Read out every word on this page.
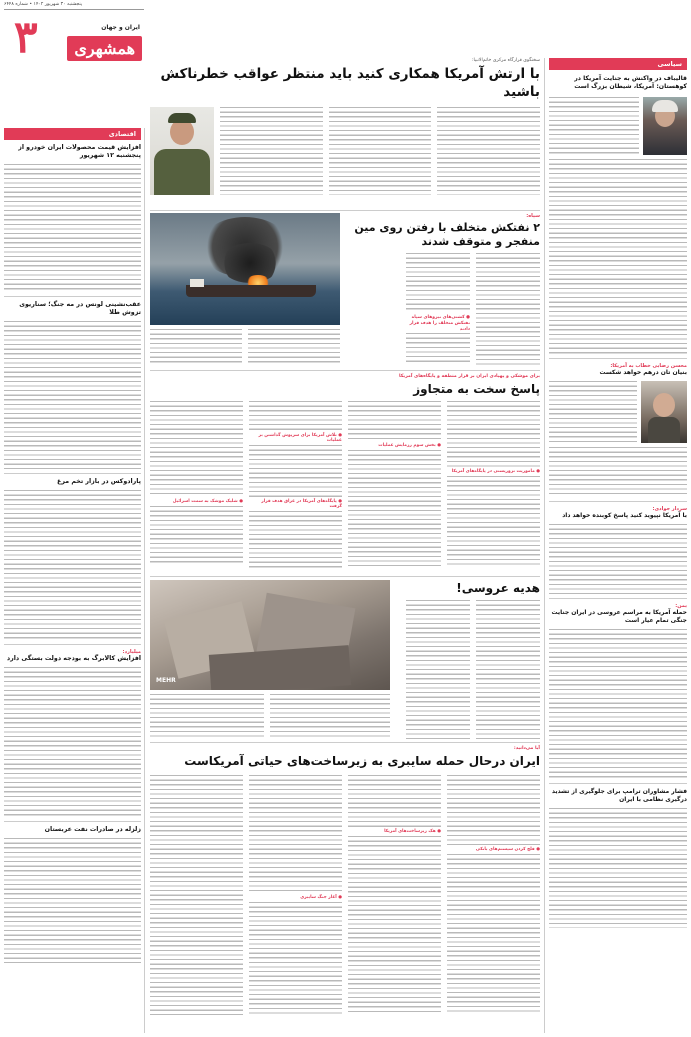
سیاسی
قالیباف در واکنش به جنایت آمریکا در کوهستان: آمریکا، شیطان بزرگ است
محسن رضایی خطاب به آمریکا:
بنیان تان درهم خواهد شکست
سردار جوادی:
با آمریکا نپیوید کنید پاسخ کوبنده خواهد داد
یمن:
حمله آمریکا به مراسم عروسی در ایران جنایت جنگی تمام عیار است
فشار مشاوران ترامپ برای جلوگیری از تشدید درگیری نظامی با ایران
پنجشنبه ۳۰ شهریور ۱۴۰۲ • شماره ۶۴۴۸
۳	ایران و جهان
همشهری
اقتصادی
افزایش قیمت محصولات ایران خودرو از پنجشنبه ۱۲ شهریور
عقب‌نشینی لونس در مه جنگ؛ سناریوی تزوش طلا
پارادوکس در بازار تخم مرغ
میلیارد:
افزایش کالابرگ به بودجه دولت بستگی دارد
زلزله در صادرات نفت عربستان
سخنگوی قرارگاه مرکزی خاتم‌الانبیا:
با ارتش آمریکا همکاری کنید باید منتظر عواقب خطرناکش باشید
سپاه:
۲ نفتکش متخلف با رفتن روی مین منفجر و متوقف شدند
● کشتی‌های نیروهای سپاه نفتکش متخلف را هدف قرار دادند
برای موشکی و پهپادی ایران بر قرار منطقه و پایگاه‌های آمریکا
پاسخ سخت به متجاوز
● ماموریت تروریستی در پایگاه‌های آمریکا
● بخش سوم رزمایش عملیات
● تلاش آمریکا برای سرپوش گذاشتن بر عملیات
● پایگاه‌های آمریکا در عراق هدف قرار گرفت
● شلیک موشک به سمت اسرائیل
هدیه عروسی!
MEHR
آیا می‌دانید:
ایران درحال حمله سایبری به زیرساخت‌های حیاتی آمریکاست
● فلج کردن سیستم‌های بانکی
● هک زیرساخت‌های آمریکا
● آغاز جنگ سایبری
